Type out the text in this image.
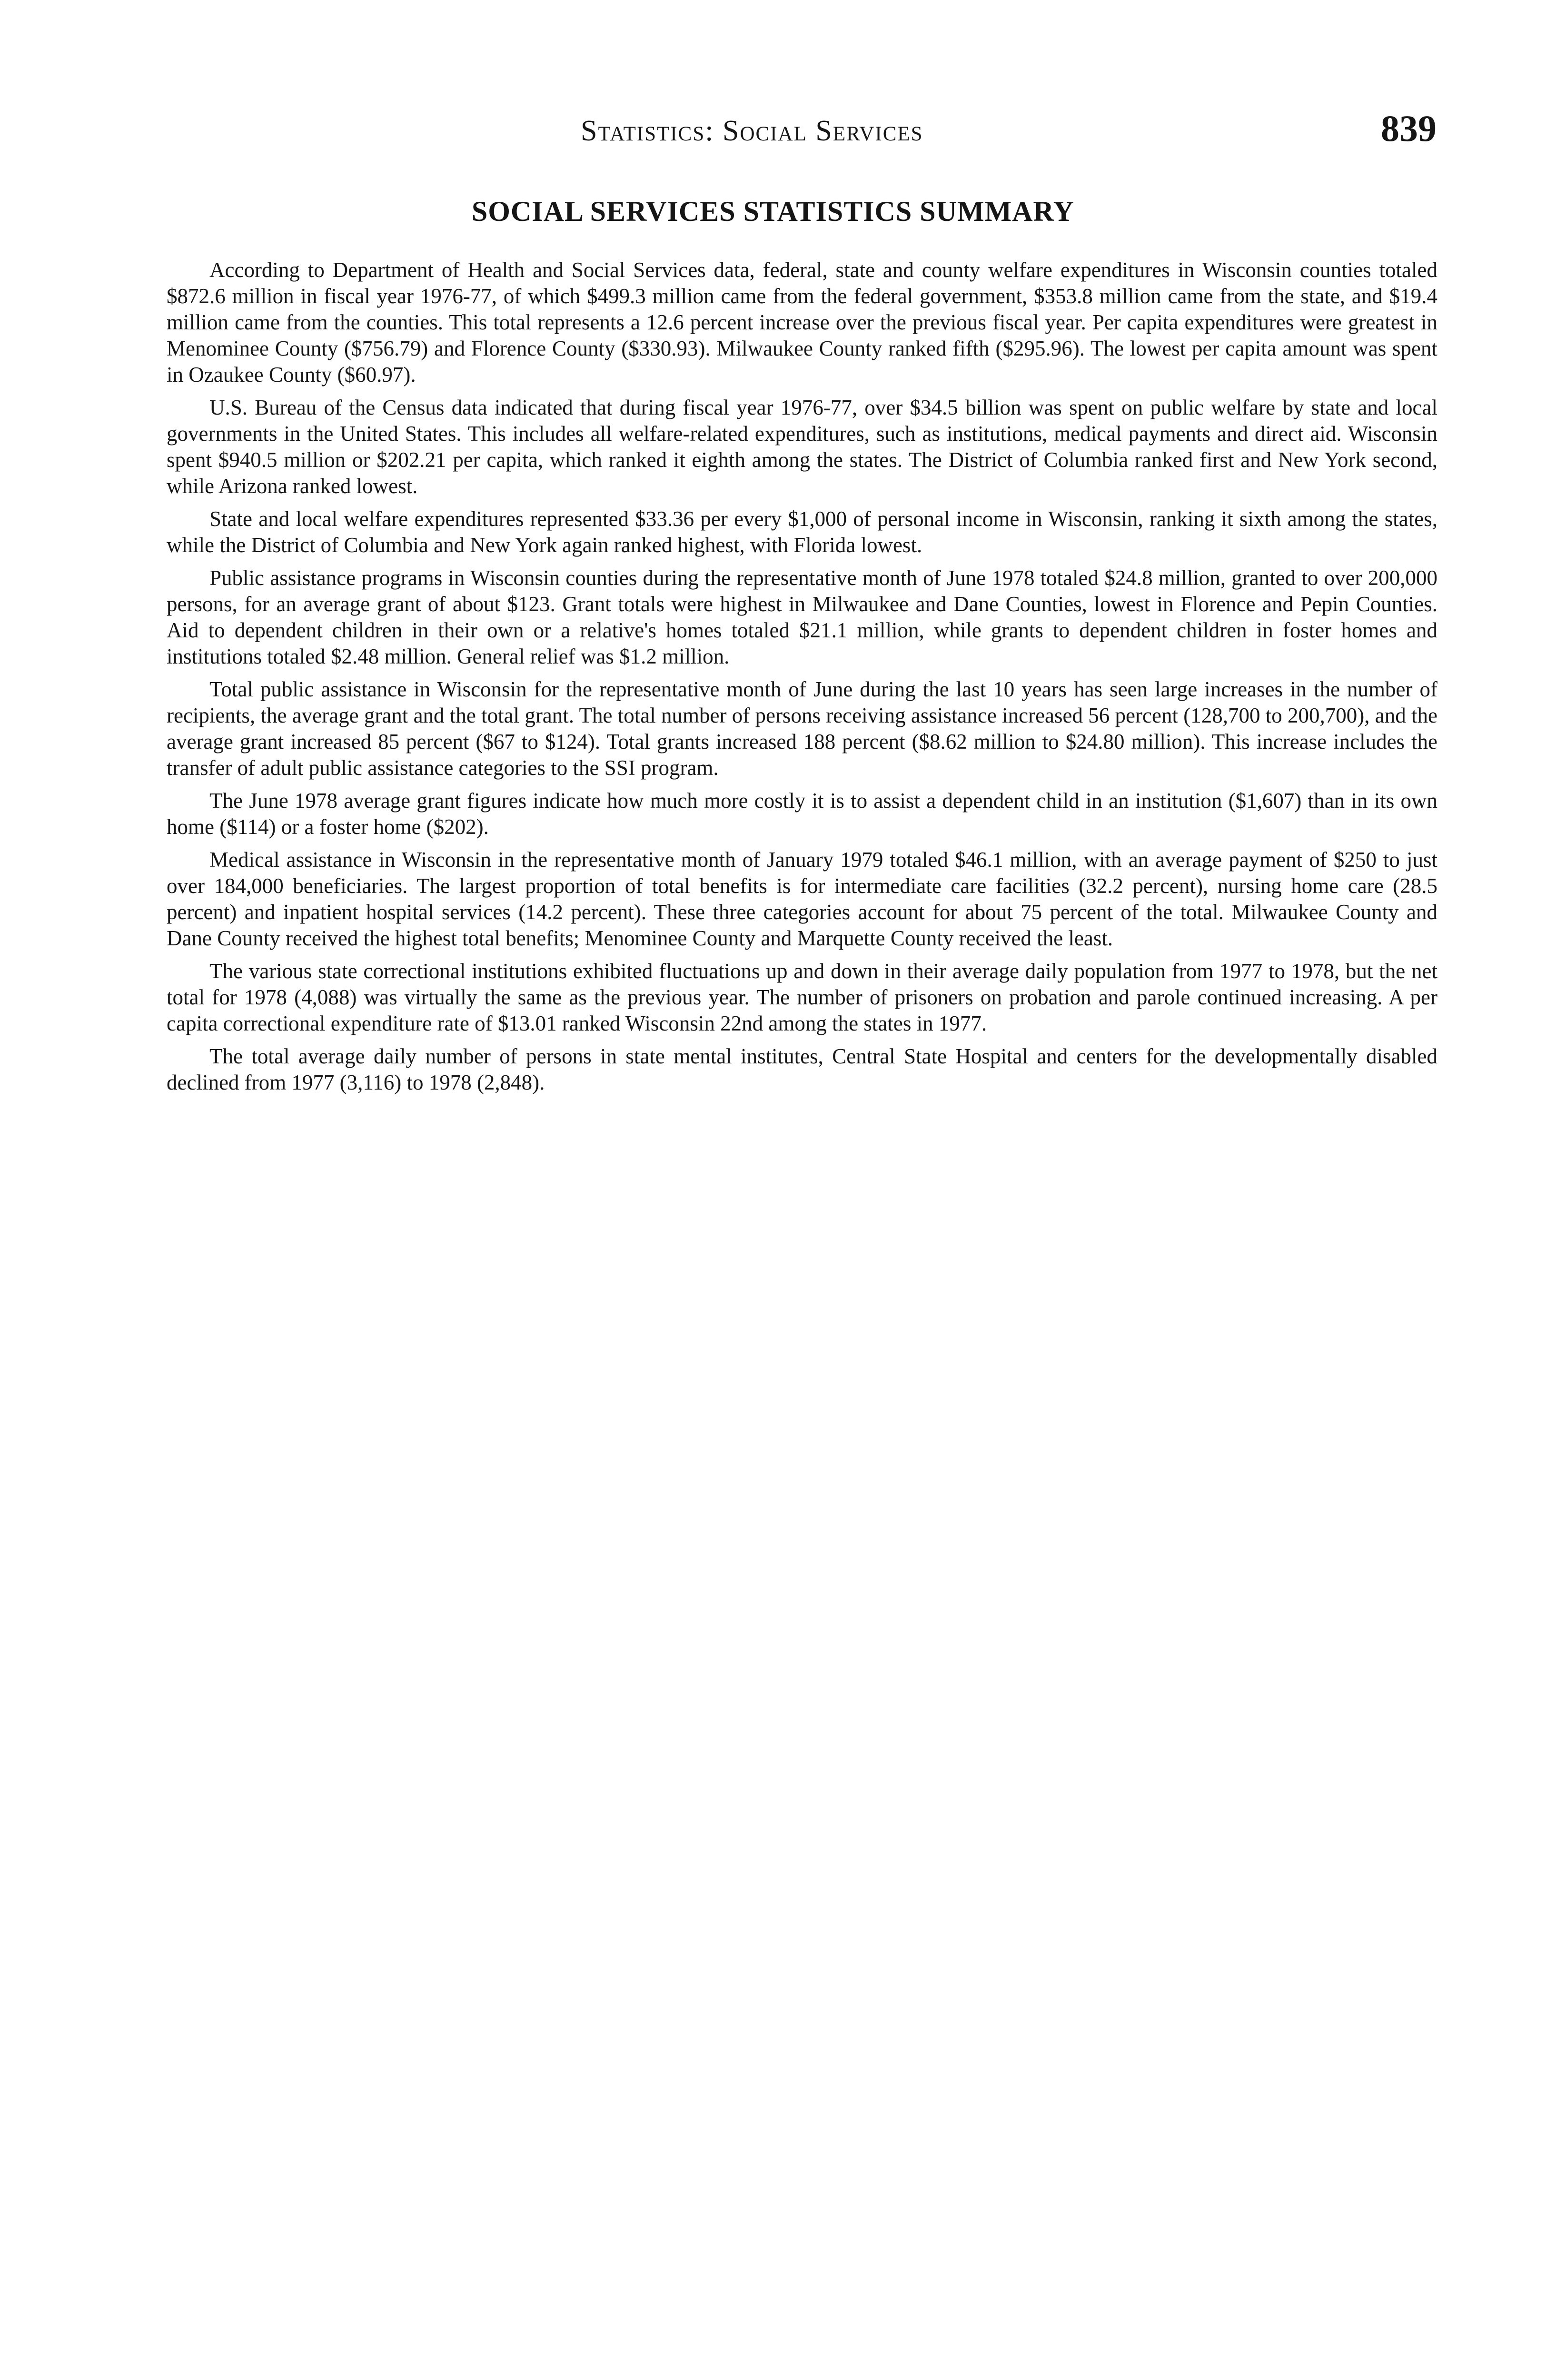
Statistics: Social Services	839
SOCIAL SERVICES STATISTICS SUMMARY

According to Department of Health and Social Services data, federal, state and county welfare expenditures in Wisconsin counties totaled $872.6 million in fiscal year 1976-77, of which $499.3 million came from the federal government, $353.8 million came from the state, and $19.4 million came from the counties. This total represents a 12.6 percent increase over the previous fiscal year. Per capita expenditures were greatest in Menominee County ($756.79) and Florence County ($330.93). Milwaukee County ranked fifth ($295.96). The lowest per capita amount was spent in Ozaukee County ($60.97).

U.S. Bureau of the Census data indicated that during fiscal year 1976-77, over $34.5 billion was spent on public welfare by state and local governments in the United States. This includes all welfare-related expenditures, such as institutions, medical payments and direct aid. Wisconsin spent $940.5 million or $202.21 per capita, which ranked it eighth among the states. The District of Columbia ranked first and New York second, while Arizona ranked lowest.

State and local welfare expenditures represented $33.36 per every $1,000 of personal income in Wisconsin, ranking it sixth among the states, while the District of Columbia and New York again ranked highest, with Florida lowest.

Public assistance programs in Wisconsin counties during the representative month of June 1978 totaled $24.8 million, granted to over 200,000 persons, for an average grant of about $123. Grant totals were highest in Milwaukee and Dane Counties, lowest in Florence and Pepin Counties. Aid to dependent children in their own or a relative's homes totaled $21.1 million, while grants to dependent children in foster homes and institutions totaled $2.48 million. General relief was $1.2 million.

Total public assistance in Wisconsin for the representative month of June during the last 10 years has seen large increases in the number of recipients, the average grant and the total grant. The total number of persons receiving assistance increased 56 percent (128,700 to 200,700), and the average grant increased 85 percent ($67 to $124). Total grants increased 188 percent ($8.62 million to $24.80 million). This increase includes the transfer of adult public assistance categories to the SSI program.

The June 1978 average grant figures indicate how much more costly it is to assist a dependent child in an institution ($1,607) than in its own home ($114) or a foster home ($202).

Medical assistance in Wisconsin in the representative month of January 1979 totaled $46.1 million, with an average payment of $250 to just over 184,000 beneficiaries. The largest proportion of total benefits is for intermediate care facilities (32.2 percent), nursing home care (28.5 percent) and inpatient hospital services (14.2 percent). These three categories account for about 75 percent of the total. Milwaukee County and Dane County received the highest total benefits; Menominee County and Marquette County received the least.

The various state correctional institutions exhibited fluctuations up and down in their average daily population from 1977 to 1978, but the net total for 1978 (4,088) was virtually the same as the previous year. The number of prisoners on probation and parole continued increasing. A per capita correctional expenditure rate of $13.01 ranked Wisconsin 22nd among the states in 1977.

The total average daily number of persons in state mental institutes, Central State Hospital and centers for the developmentally disabled declined from 1977 (3,116) to 1978 (2,848).
